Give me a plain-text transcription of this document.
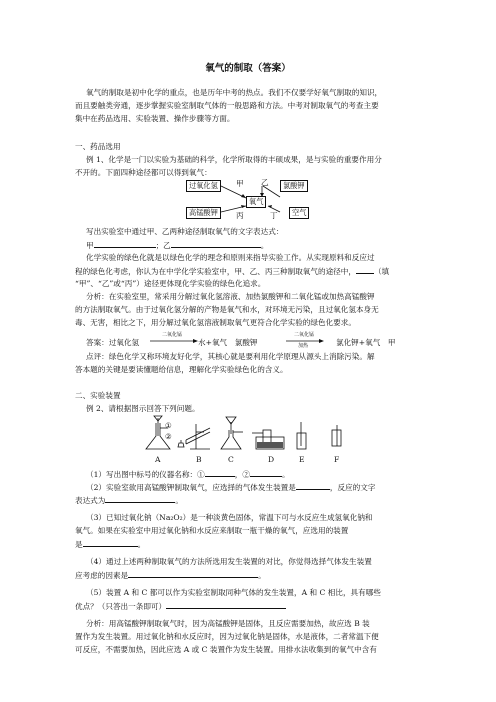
氧气的制取（答案）
氧气的制取是初中化学的重点，也是历年中考的热点。我们不仅要学好氧气制取的知识，
而且要触类旁通，逐步掌握实验室制取气体的一般思路和方法。中考对制取氧气的考查主要
集中在药品选用、实验装置、操作步骤等方面。
一、药品选用
例 1、化学是一门以实验为基础的科学，化学所取得的丰硕成果，是与实验的重要作用分
不开的。下面四种途径都可以得到氧气：
过氧化氢	氯酸钾
氧气
高锰酸钾	空气
甲 乙
丙	丁
写出实验室中通过甲、乙两种途径制取氧气的文字表达式：
甲	；乙	。
化学实验的绿色化就是以绿色化学的理念和原则来指导实验工作。从实现原料和反应过
程的绿色化考虑，你认为在中学化学实验室中，甲、乙、丙三种制取氧气的途径中， （填
“甲”、“乙”或“丙”）途径更体现化学实验的绿色化追求。
分析：在实验室里，常采用分解过氧化氢溶液、加热氯酸钾和二氧化锰或加热高锰酸钾
的方法制取氧气。由于过氧化氢分解的产物是氧气和水，对环境无污染，且过氧化氢本身无
毒、无害，相比之下，用分解过氧化氢溶液制取氧气更符合化学实验的绿色化要求。
答案：过氧化氢
二氧化锰
水+氧气　氯酸钾
二氧化锰
加热	氯化钾+氧气　甲
点评：绿色化学又称环境友好化学，其核心就是要利用化学原理从源头上消除污染。解
答本题的关键是要读懂题给信息，理解化学实验绿色化的含义。
二、实验装置
例 2、请根据图示回答下列问题。
①
②
A	B	C	D	E	F
（1）写出图中标号的仪器名称：①	，②	。
（2）实验室欲用高锰酸钾制取氧气，应选择的气体发生装置是	，反应的文字
表达式为	。
（3）已知过氧化钠（Na₂O₂）是一种淡黄色固体，常温下可与水反应生成氢氧化钠和
氧气。如果在实验室中用过氧化钠和水反应来制取一瓶干燥的氧气，应选用的装置
是	。
（4）通过上述两种制取氧气的方法所选用发生装置的对比，你觉得选择气体发生装置
应考虑的因素是	。
（5）装置 A 和 C 都可以作为实验室制取同种气体的发生装置，A 和 C 相比，具有哪些
优点？（只答出一条即可）
分析：用高锰酸钾制取氧气时，因为高锰酸钾是固体，且反应需要加热，故应选 B 装
置作为发生装置。用过氧化钠和水反应时，因为过氧化钠是固体，水是液体，二者常温下便
可反应，不需要加热，因此应选 A 或 C 装置作为发生装置。用排水法收集到的氧气中含有
